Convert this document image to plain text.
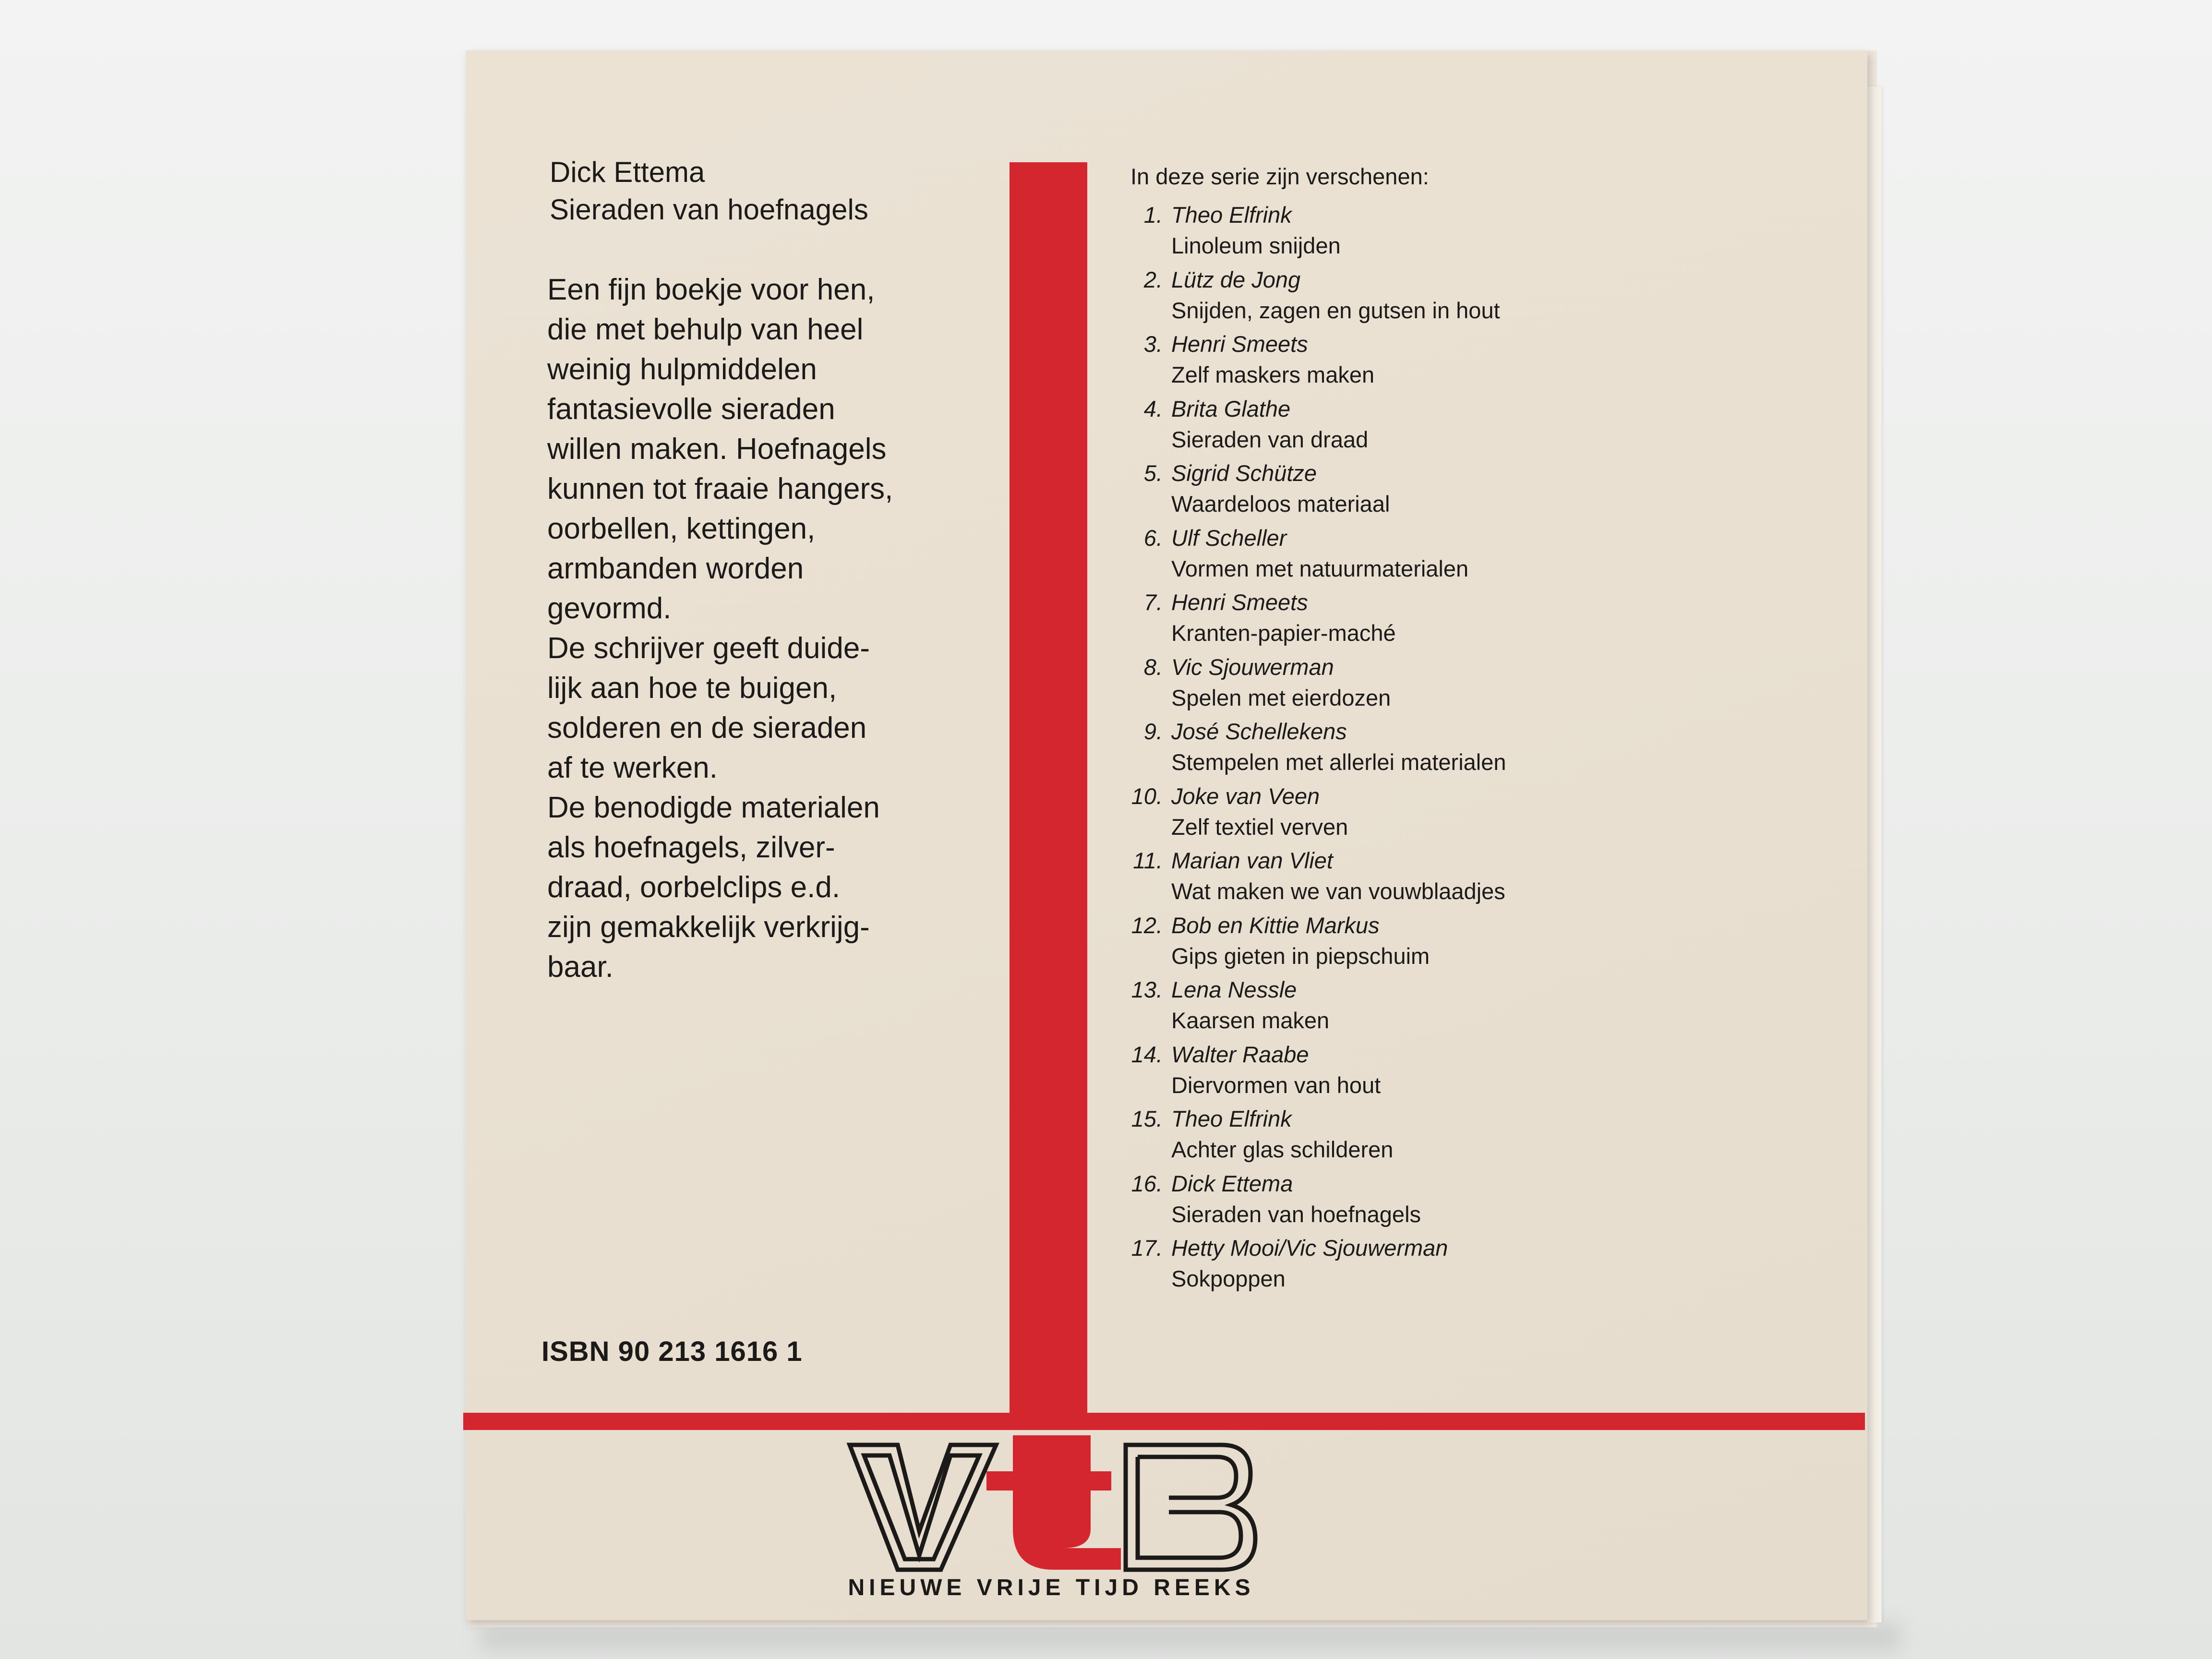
Dick Ettema
Sieraden van hoefnagels
Een fijn boekje voor hen,
die met behulp van heel
weinig hulpmiddelen
fantasievolle sieraden
willen maken. Hoefnagels
kunnen tot fraaie hangers,
oorbellen, kettingen,
armbanden worden
gevormd.
De schrijver geeft duide-
lijk aan hoe te buigen,
solderen en de sieraden
af te werken.
De benodigde materialen
als hoefnagels, zilver-
draad, oorbelclips e.d.
zijn gemakkelijk verkrijg-
baar.
ISBN 90 213 1616 1
In deze serie zijn verschenen:
1. Theo Elfrink
Linoleum snijden
2. Lütz de Jong
Snijden, zagen en gutsen in hout
3. Henri Smeets
Zelf maskers maken
4. Brita Glathe
Sieraden van draad
5. Sigrid Schütze
Waardeloos materiaal
6. Ulf Scheller
Vormen met natuurmaterialen
7. Henri Smeets
Kranten-papier-maché
8. Vic Sjouwerman
Spelen met eierdozen
9. José Schellekens
Stempelen met allerlei materialen
10. Joke van Veen
Zelf textiel verven
11. Marian van Vliet
Wat maken we van vouwblaadjes
12. Bob en Kittie Markus
Gips gieten in piepschuim
13. Lena Nessle
Kaarsen maken
14. Walter Raabe
Diervormen van hout
15. Theo Elfrink
Achter glas schilderen
16. Dick Ettema
Sieraden van hoefnagels
17. Hetty Mooi/Vic Sjouwerman
Sokpoppen
NIEUWE VRIJE TIJD REEKS
